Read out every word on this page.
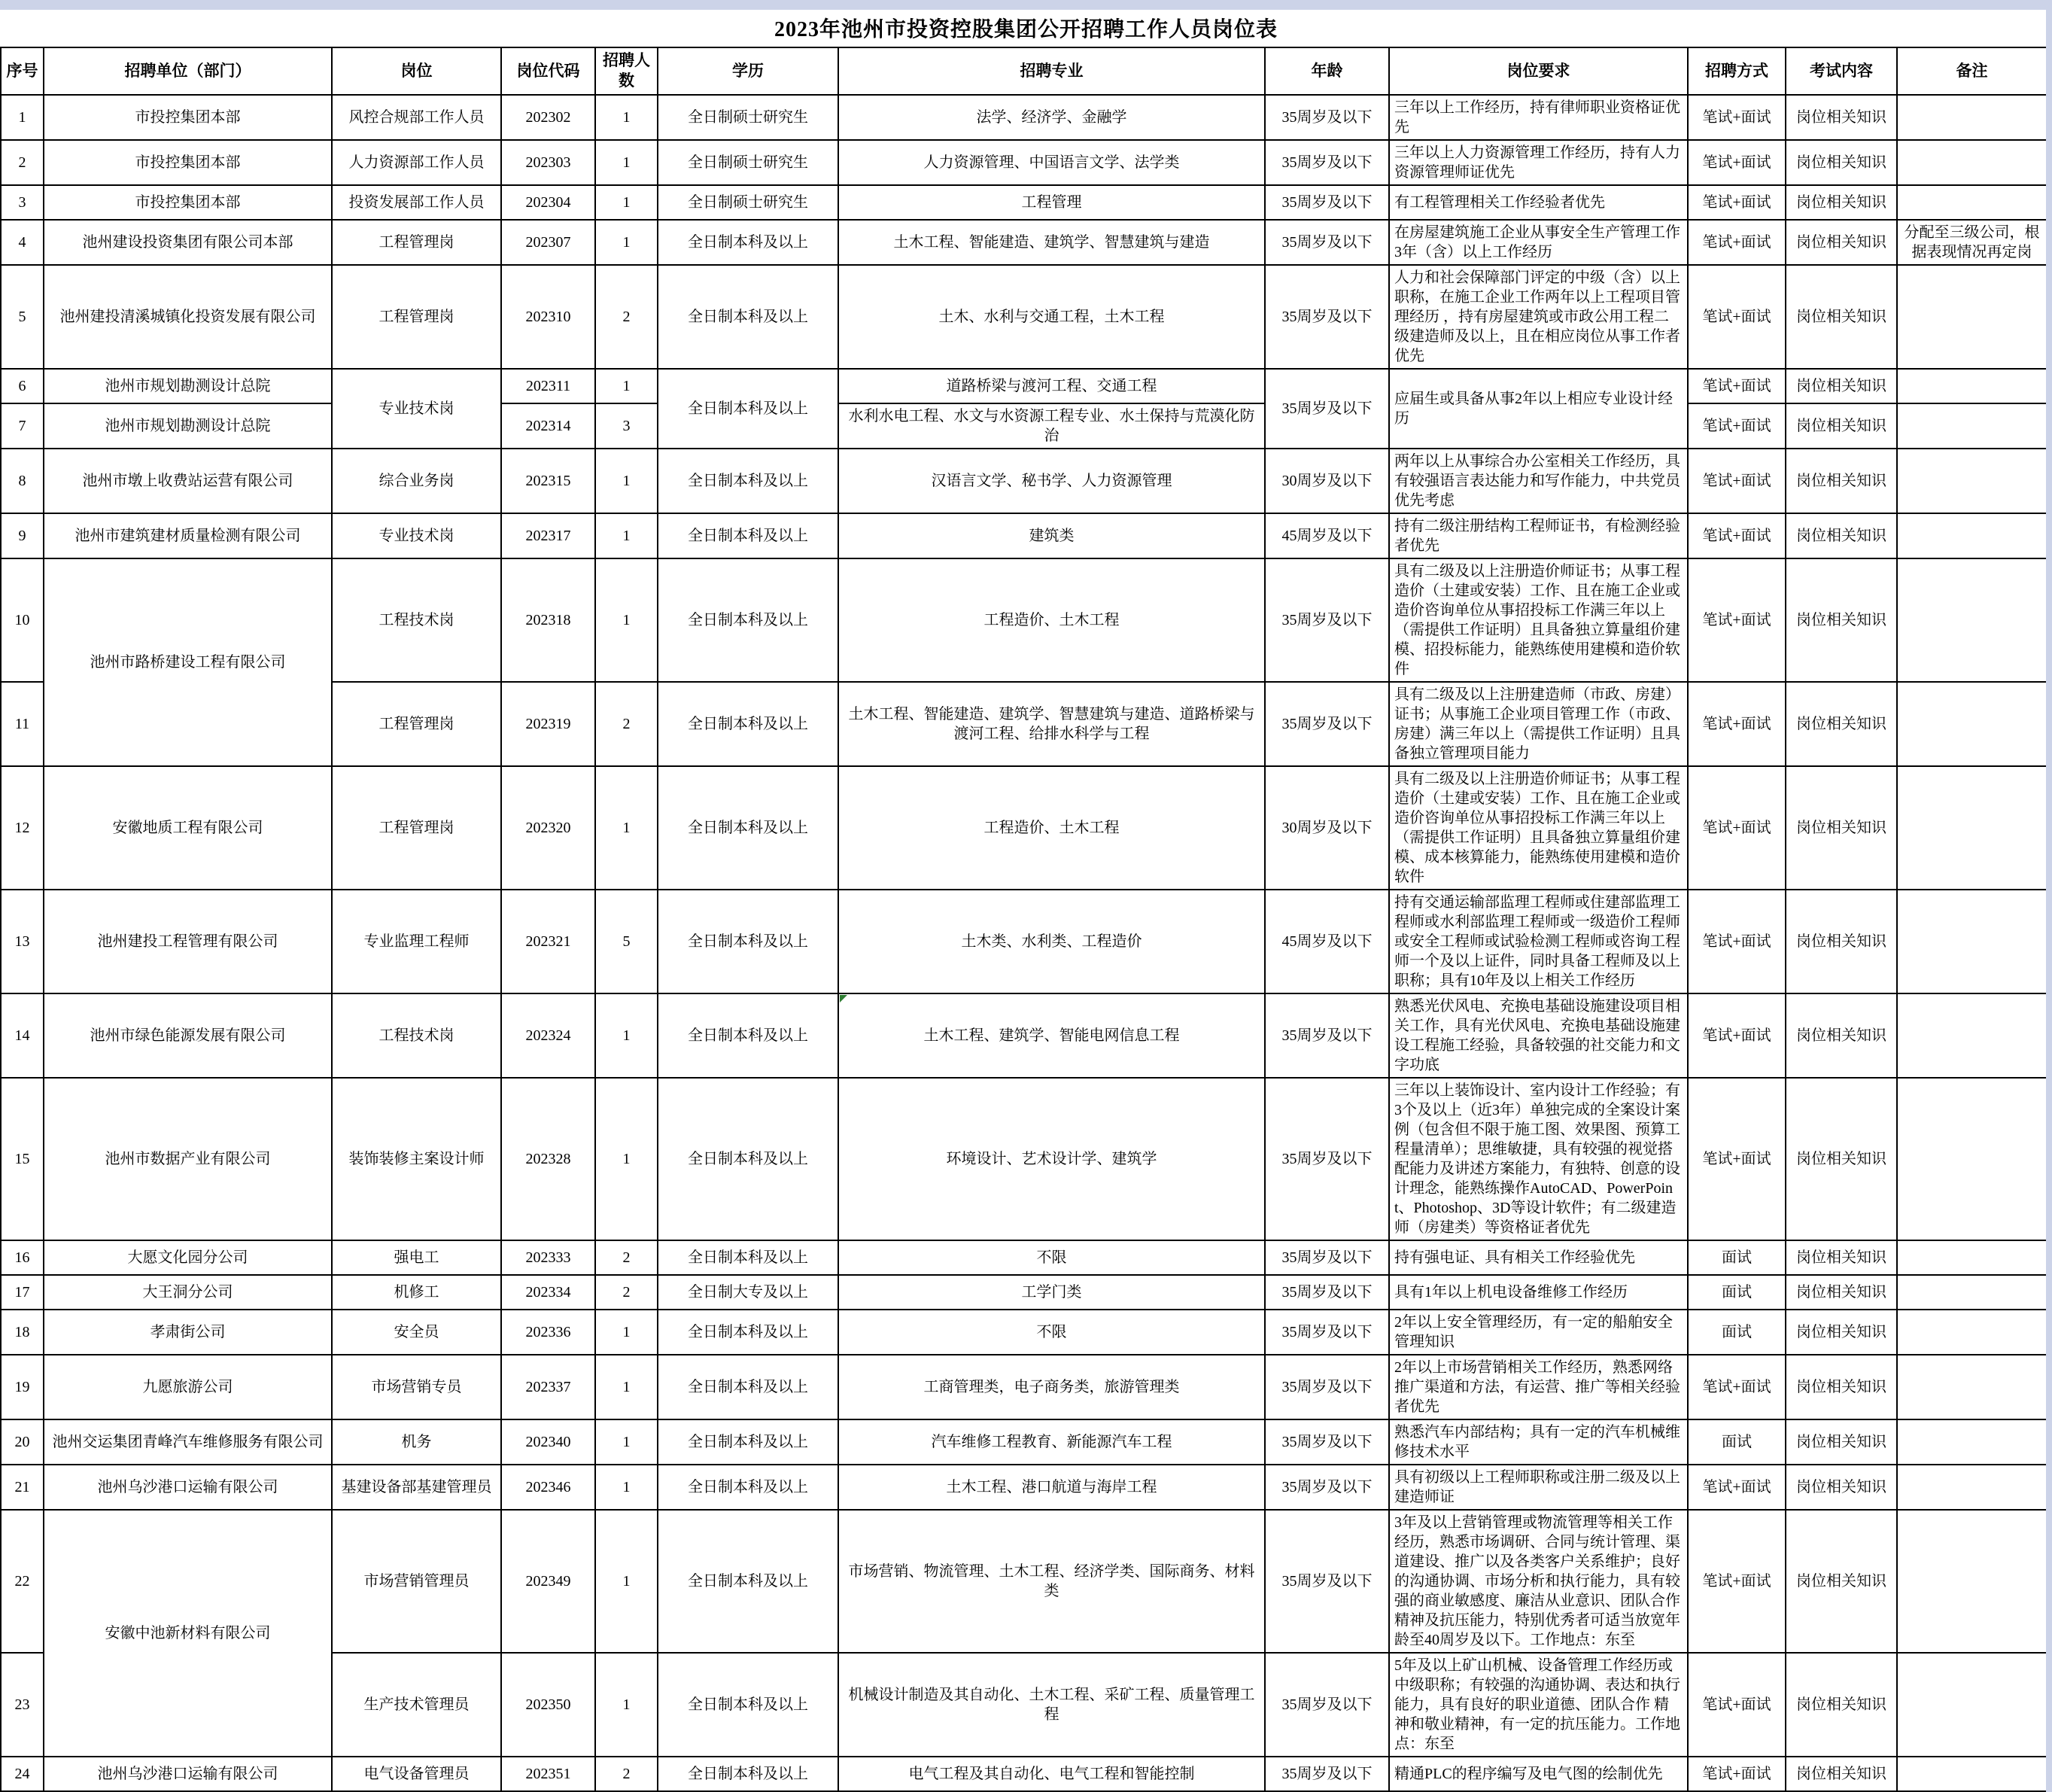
2023年池州市投资控股集团公开招聘工作人员岗位表
序号	招聘单位（部门）	岗位	岗位代码	招聘人数	学历	招聘专业	年龄	岗位要求	招聘方式	考试内容	备注
1	市投控集团本部	风控合规部工作人员	202302	1	全日制硕士研究生	法学、经济学、金融学	35周岁及以下	三年以上工作经历，持有律师职业资格证优先	笔试+面试	岗位相关知识	
2	市投控集团本部	人力资源部工作人员	202303	1	全日制硕士研究生	人力资源管理、中国语言文学、法学类	35周岁及以下	三年以上人力资源管理工作经历，持有人力资源管理师证优先	笔试+面试	岗位相关知识	
3	市投控集团本部	投资发展部工作人员	202304	1	全日制硕士研究生	工程管理	35周岁及以下	有工程管理相关工作经验者优先	笔试+面试	岗位相关知识	
4	池州建设投资集团有限公司本部	工程管理岗	202307	1	全日制本科及以上	土木工程、智能建造、建筑学、智慧建筑与建造	35周岁及以下	在房屋建筑施工企业从事安全生产管理工作3年（含）以上工作经历	笔试+面试	岗位相关知识	分配至三级公司，根据表现情况再定岗
5	池州建投清溪城镇化投资发展有限公司	工程管理岗	202310	2	全日制本科及以上	土木、水利与交通工程，土木工程	35周岁及以下	人力和社会保障部门评定的中级（含）以上职称，在施工企业工作两年以上工程项目管理经历 ，持有房屋建筑或市政公用工程二级建造师及以上，且在相应岗位从事工作者优先	笔试+面试	岗位相关知识	
6	池州市规划勘测设计总院	专业技术岗	202311	1	全日制本科及以上	道路桥梁与渡河工程、交通工程	35周岁及以下	应届生或具备从事2年以上相应专业设计经历	笔试+面试	岗位相关知识	
7	池州市规划勘测设计总院		202314	3		水利水电工程、水文与水资源工程专业、水土保持与荒漠化防治			笔试+面试	岗位相关知识	
8	池州市墩上收费站运营有限公司	综合业务岗	202315	1	全日制本科及以上	汉语言文学、秘书学、人力资源管理	30周岁及以下	两年以上从事综合办公室相关工作经历，具有较强语言表达能力和写作能力，中共党员优先考虑	笔试+面试	岗位相关知识	
9	池州市建筑建材质量检测有限公司	专业技术岗	202317	1	全日制本科及以上	建筑类	45周岁及以下	持有二级注册结构工程师证书，有检测经验者优先	笔试+面试	岗位相关知识	
10	池州市路桥建设工程有限公司	工程技术岗	202318	1	全日制本科及以上	工程造价、土木工程	35周岁及以下	具有二级及以上注册造价师证书；从事工程造价（土建或安装）工作、且在施工企业或造价咨询单位从事招投标工作满三年以上（需提供工作证明）且具备独立算量组价建模、招投标能力，能熟练使用建模和造价软件	笔试+面试	岗位相关知识	
11		工程管理岗	202319	2	全日制本科及以上	土木工程、智能建造、建筑学、智慧建筑与建造、道路桥梁与渡河工程、给排水科学与工程	35周岁及以下	具有二级及以上注册建造师（市政、房建）证书；从事施工企业项目管理工作（市政、房建）满三年以上（需提供工作证明）且具备独立管理项目能力	笔试+面试	岗位相关知识	
12	安徽地质工程有限公司	工程管理岗	202320	1	全日制本科及以上	工程造价、土木工程	30周岁及以下	具有二级及以上注册造价师证书；从事工程造价（土建或安装）工作、且在施工企业或造价咨询单位从事招投标工作满三年以上（需提供工作证明）且具备独立算量组价建模、成本核算能力，能熟练使用建模和造价软件	笔试+面试	岗位相关知识	
13	池州建投工程管理有限公司	专业监理工程师	202321	5	全日制本科及以上	土木类、水利类、工程造价	45周岁及以下	持有交通运输部监理工程师或住建部监理工程师或水利部监理工程师或一级造价工程师或安全工程师或试验检测工程师或咨询工程师一个及以上证件，同时具备工程师及以上职称；具有10年及以上相关工作经历	笔试+面试	岗位相关知识	
14	池州市绿色能源发展有限公司	工程技术岗	202324	1	全日制本科及以上	土木工程、建筑学、智能电网信息工程	35周岁及以下	熟悉光伏风电、充换电基础设施建设项目相关工作，具有光伏风电、充换电基础设施建设工程施工经验，具备较强的社交能力和文字功底	笔试+面试	岗位相关知识	
15	池州市数据产业有限公司	装饰装修主案设计师	202328	1	全日制本科及以上	环境设计、艺术设计学、建筑学	35周岁及以下	三年以上装饰设计、室内设计工作经验；有3个及以上（近3年）单独完成的全案设计案例（包含但不限于施工图、效果图、预算工程量清单）；思维敏捷，具有较强的视觉搭配能力及讲述方案能力，有独特、创意的设计理念，能熟练操作AutoCAD、PowerPoint、Photoshop、3D等设计软件；有二级建造师（房建类）等资格证者优先	笔试+面试	岗位相关知识	
16	大愿文化园分公司	强电工	202333	2	全日制本科及以上	不限	35周岁及以下	持有强电证、具有相关工作经验优先	面试	岗位相关知识	
17	大王洞分公司	机修工	202334	2	全日制大专及以上	工学门类	35周岁及以下	具有1年以上机电设备维修工作经历	面试	岗位相关知识	
18	孝肃街公司	安全员	202336	1	全日制本科及以上	不限	35周岁及以下	2年以上安全管理经历，有一定的船舶安全管理知识	面试	岗位相关知识	
19	九愿旅游公司	市场营销专员	202337	1	全日制本科及以上	工商管理类，电子商务类，旅游管理类	35周岁及以下	2年以上市场营销相关工作经历，熟悉网络推广渠道和方法，有运营、推广等相关经验者优先	笔试+面试	岗位相关知识	
20	池州交运集团青峰汽车维修服务有限公司	机务	202340	1	全日制本科及以上	汽车维修工程教育、新能源汽车工程	35周岁及以下	熟悉汽车内部结构；具有一定的汽车机械维修技术水平	面试	岗位相关知识	
21	池州乌沙港口运输有限公司	基建设备部基建管理员	202346	1	全日制本科及以上	土木工程、港口航道与海岸工程	35周岁及以下	具有初级以上工程师职称或注册二级及以上建造师证	笔试+面试	岗位相关知识	
22	安徽中池新材料有限公司	市场营销管理员	202349	1	全日制本科及以上	市场营销、物流管理、土木工程、经济学类、国际商务、材料类	35周岁及以下	3年及以上营销管理或物流管理等相关工作经历，熟悉市场调研、合同与统计管理、渠道建设、推广以及各类客户关系维护；良好的沟通协调、市场分析和执行能力，具有较强的商业敏感度、廉洁从业意识、团队合作精神及抗压能力，特别优秀者可适当放宽年龄至40周岁及以下。工作地点：东至	笔试+面试	岗位相关知识	
23		生产技术管理员	202350	1	全日制本科及以上	机械设计制造及其自动化、土木工程、采矿工程、质量管理工程	35周岁及以下	5年及以上矿山机械、设备管理工作经历或中级职称；有较强的沟通协调、表达和执行能力，具有良好的职业道德、团队合作 精神和敬业精神，有一定的抗压能力。工作地点：东至	笔试+面试	岗位相关知识	
24	池州乌沙港口运输有限公司	电气设备管理员	202351	2	全日制本科及以上	电气工程及其自动化、电气工程和智能控制	35周岁及以下	精通PLC的程序编写及电气图的绘制优先	笔试+面试	岗位相关知识	
